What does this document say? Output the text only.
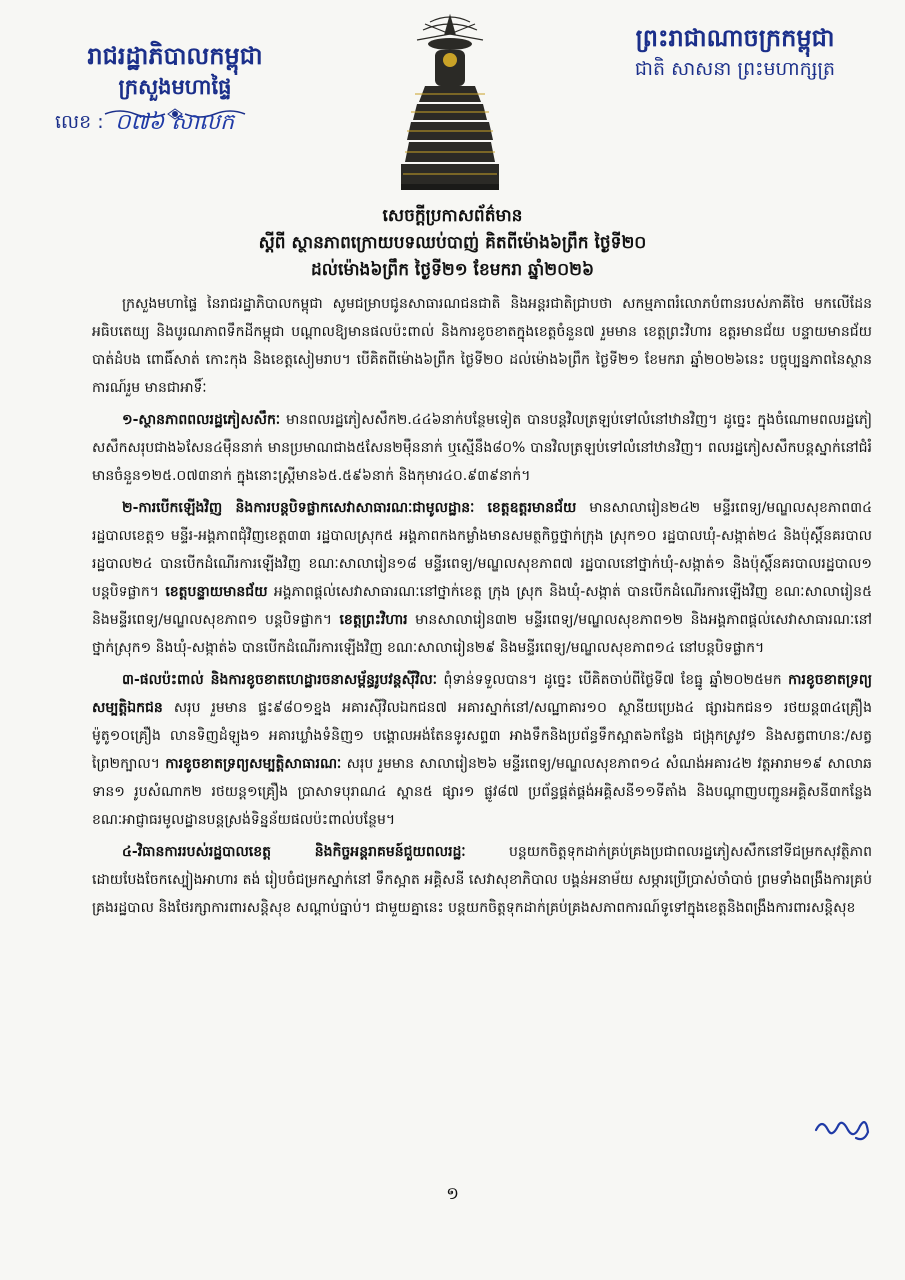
រាជរដ្ឋាភិបាលកម្ពុជា
ក្រសួងមហាផ្ទៃ
លេខ : ០៧៦ សាលក
ព្រះរាជាណាចក្រកម្ពុជា
ជាតិ សាសនា ព្រះមហាក្សត្រ
សេចក្តីប្រកាសព័ត៌មាន
ស្តីពី ស្ថានភាពក្រោយបទឈប់បាញ់ គិតពីម៉ោង៦ព្រឹក ថ្ងៃទី២០
ដល់ម៉ោង៦ព្រឹក ថ្ងៃទី២១ ខែមករា ឆ្នាំ២០២៦

ក្រសួងមហាផ្ទៃ នៃរាជរដ្ឋាភិបាលកម្ពុជា សូមជម្រាបជូនសាធារណជនជាតិ និងអន្តរជាតិជ្រាបថា សកម្មភាពរំលោភបំពានរបស់ភាគីថៃ មកលើដែនអធិបតេយ្យ និងបូរណភាពទឹកដីកម្ពុជា បណ្តាលឱ្យមានផលប៉ះពាល់ និងការខូចខាតក្នុងខេត្តចំនួន៧ រួមមាន ខេត្តព្រះវិហារ ឧត្តរមានជ័យ បន្ទាយមានជ័យ បាត់ដំបង ពោធិ៍សាត់ កោះកុង និងខេត្តសៀមរាប។ បើគិតពីម៉ោង៦ព្រឹក ថ្ងៃទី២០ ដល់ម៉ោង៦ព្រឹក ថ្ងៃទី២១ ខែមករា ឆ្នាំ២០២៦នេះ បច្ចុប្បន្នភាពនៃស្ថានការណ៍រួម មានជាអាទិ៍ៈ

១-ស្ថានភាពពលរដ្ឋភៀសសឹកៈ មានពលរដ្ឋភៀសសឹក២.៤៤៦នាក់បន្ថែមទៀត បានបន្តវិលត្រឡប់ទៅលំនៅឋានវិញ។ ដូច្នេះ ក្នុងចំណោមពលរដ្ឋភៀសសឹកសរុបជាង៦សែន៤ម៉ឺននាក់ មានប្រមាណជាង៥សែន២ម៉ឺននាក់ ឬស្មើនឹង៨០% បានវិលត្រឡប់ទៅលំនៅឋានវិញ។ ពលរដ្ឋភៀសសឹកបន្តស្នាក់នៅជំរំមានចំនួន១២៥.០៧៣នាក់ ក្នុងនោះស្ត្រីមាន៦៥.៥៩៦នាក់ និងកុមារ៤០.៩៣៩នាក់។

២-ការបើកឡើងវិញ និងការបន្តបិទផ្លាកសេវាសាធារណៈជាមូលដ្ឋានៈ ខេត្តឧត្តរមានជ័យ មានសាលារៀន២៤២ មន្ទីរពេទ្យ/មណ្ឌលសុខភាព៣៤ រដ្ឋបាលខេត្ត១ មន្ទីរ-អង្គភាពជុំវិញខេត្ត៣៣ រដ្ឋបាលស្រុក៥ អង្គភាពកងកម្លាំងមានសមត្ថកិច្ចថ្នាក់ក្រុង ស្រុក១០ រដ្ឋបាលឃុំ-សង្កាត់២៤ និងប៉ុស្តិ៍នគរបាលរដ្ឋបាល២៤ បានបើកដំណើរការឡើងវិញ ខណៈសាលារៀន១៨ មន្ទីរពេទ្យ/មណ្ឌលសុខភាព៧ រដ្ឋបាលនៅថ្នាក់ឃុំ-សង្កាត់១ និងប៉ុស្តិ៍នគរបាលរដ្ឋបាល១ បន្តបិទផ្លាក។ ខេត្តបន្ទាយមានជ័យ អង្គភាពផ្តល់សេវាសាធារណៈនៅថ្នាក់ខេត្ត ក្រុង ស្រុក និងឃុំ-សង្កាត់ បានបើកដំណើរការឡើងវិញ ខណៈសាលារៀន៥ និងមន្ទីរពេទ្យ/មណ្ឌលសុខភាព១ បន្តបិទផ្លាក។ ខេត្តព្រះវិហារ មានសាលារៀន៣២ មន្ទីរពេទ្យ/មណ្ឌលសុខភាព១២ និងអង្គភាពផ្តល់សេវាសាធារណៈនៅថ្នាក់ស្រុក១ និងឃុំ-សង្កាត់៦ បានបើកដំណើរការឡើងវិញ ខណៈសាលារៀន២៩ និងមន្ទីរពេទ្យ/មណ្ឌលសុខភាព១៤ នៅបន្តបិទផ្លាក។

៣-ផលប៉ះពាល់ និងការខូចខាតហេដ្ឋារចនាសម្ព័ន្ធរូបវន្តស៊ីវិលៈ ពុំទាន់ទទួលបាន។ ដូច្នេះ បើគិតចាប់ពីថ្ងៃទី៧ ខែធ្នូ ឆ្នាំ២០២៥មក ការខូចខាតទ្រព្យសម្បត្តិឯកជន សរុប រួមមាន ផ្ទះ៩៨០១ខ្នង អគារស៊ីវិលឯកជន៧ អគារស្នាក់នៅ/សណ្ឋាគារ១០ ស្ថានីយប្រេង៤ ផ្សារឯកជន១ រថយន្ត៣៤គ្រឿង ម៉ូតូ១០គ្រឿង លានទិញដំឡូង១ អគារឃ្លាំងទំនិញ១ បង្គោលអង់តែនទូរសព្ទ៣ អាងទឹកនិងប្រព័ន្ធទឹកស្អាត៦កន្លែង ជង្រុកស្រូវ១ និងសត្វពាហនៈ/សត្វព្រៃ២ក្បាល។ ការខូចខាតទ្រព្យសម្បត្តិសាធារណៈ សរុប រួមមាន សាលារៀន២៦ មន្ទីរពេទ្យ/មណ្ឌលសុខភាព១៤ សំណង់អគារ៤២ វត្តអារាម១៩ សាលាឆទាន១ រូបសំណាក២ រថយន្ត១គ្រឿង ប្រាសាទបុរាណ៤ ស្ពាន៥ ផ្សារ១ ផ្លូវ៨៧ ប្រព័ន្ធផ្គត់ផ្គង់អគ្គិសនី១១ទីតាំង និងបណ្តាញបញ្ជូនអគ្គិសនី៣កន្លែង ខណៈអាជ្ញាធរមូលដ្ឋានបន្តស្រង់ទិន្នន័យផលប៉ះពាល់បន្ថែម។

៤-វិធានការរបស់រដ្ឋបាលខេត្ត និងកិច្ចអន្តរាគមន៍ជួយពលរដ្ឋៈ បន្តយកចិត្តទុកដាក់គ្រប់គ្រងប្រជាពលរដ្ឋភៀសសឹកនៅទីជម្រកសុវត្ថិភាព ដោយបែងចែកស្បៀងអាហារ តង់ រៀបចំជម្រកស្នាក់នៅ ទឹកស្អាត អគ្គិសនី សេវាសុខាភិបាល បង្គន់អនាម័យ សម្ភារប្រើប្រាស់ចាំបាច់ ព្រមទាំងពង្រឹងការគ្រប់គ្រងរដ្ឋបាល និងថែរក្សាការពារសន្តិសុខ សណ្តាប់ធ្នាប់។ ជាមួយគ្នានេះ បន្តយកចិត្តទុកដាក់គ្រប់គ្រងសភាពការណ៍ទូទៅក្នុងខេត្តនិងពង្រឹងការពារសន្តិសុខ

១
